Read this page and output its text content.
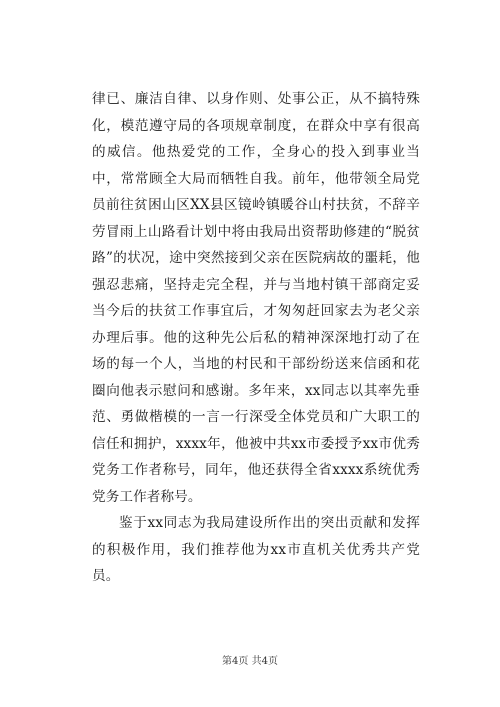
律已、廉洁自律、以身作则、处事公正，从不搞特殊化，模范遵守局的各项规章制度，在群众中享有很高的威信。他热爱党的工作，全身心的投入到事业当中，常常顾全大局而牺牲自我。前年，他带领全局党员前往贫困山区XX县区镜岭镇暖谷山村扶贫，不辞辛劳冒雨上山路看计划中将由我局出资帮助修建的“脱贫路”的状况，途中突然接到父亲在医院病故的噩耗，他强忍悲痛，坚持走完全程，并与当地村镇干部商定妥当今后的扶贫工作事宜后，才匆匆赶回家去为老父亲办理后事。他的这种先公后私的精神深深地打动了在场的每一个人，当地的村民和干部纷纷送来信函和花圈向他表示慰问和感谢。多年来，xx同志以其率先垂范、勇做楷模的一言一行深受全体党员和广大职工的信任和拥护，xxxx年，他被中共xx市委授予xx市优秀党务工作者称号，同年，他还获得全省xxxx系统优秀党务工作者称号。

鉴于xx同志为我局建设所作出的突出贡献和发挥的积极作用，我们推荐他为xx市直机关优秀共产党员。

第4页 共4页
